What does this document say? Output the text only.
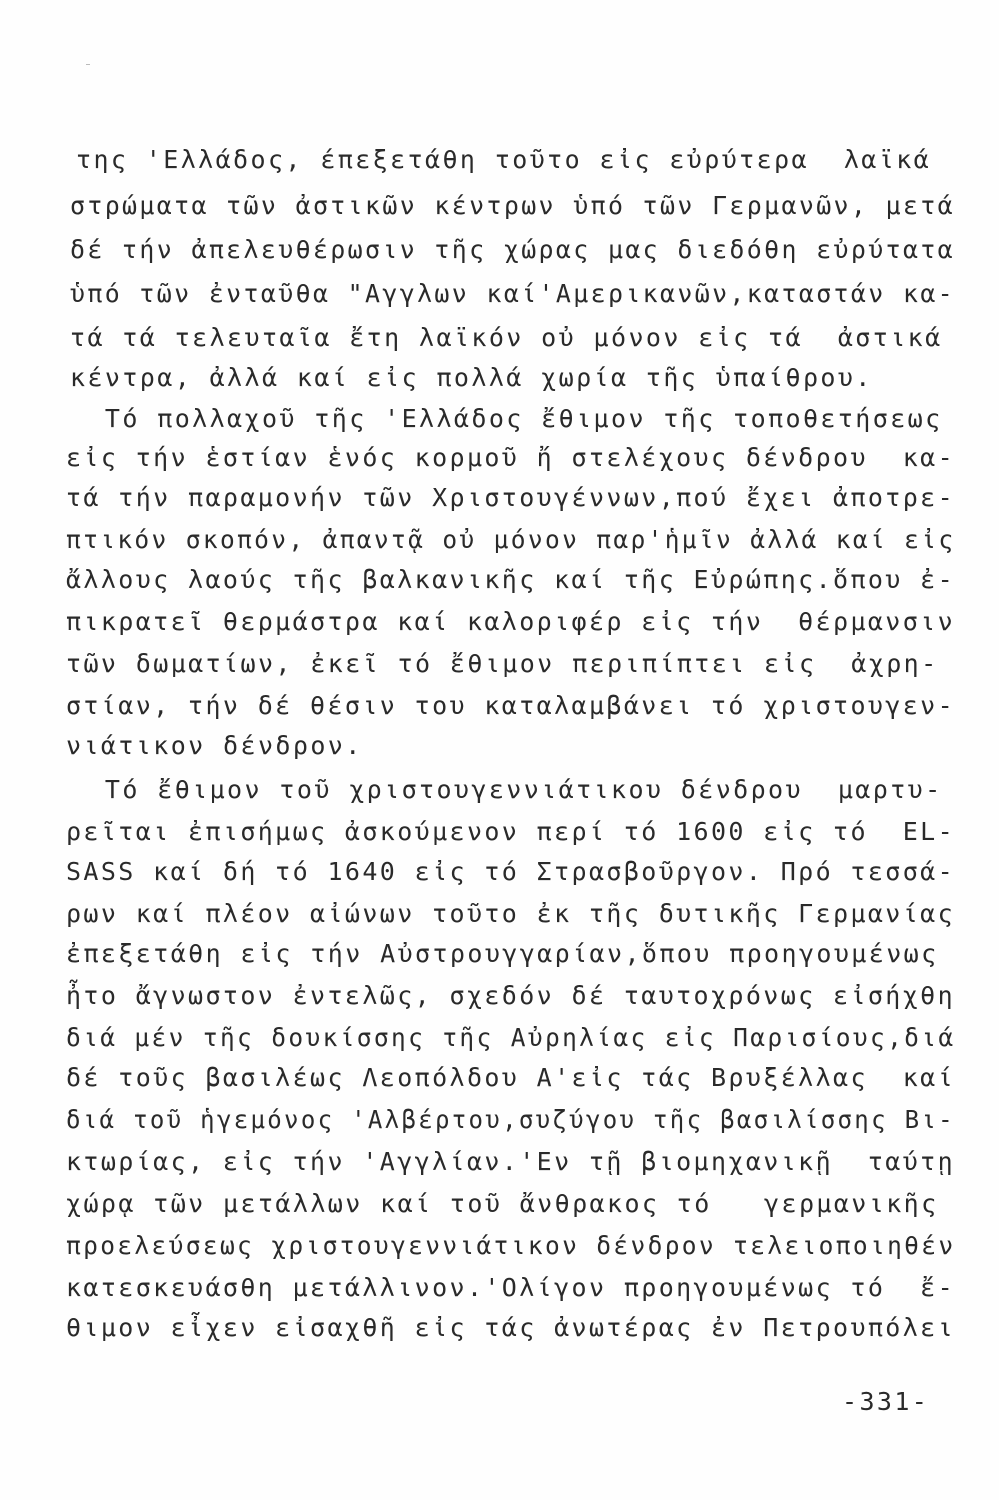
της 'Ελλάδος, έπεξετάθη τοῦτο εἰς εὐρύτερα  λαϊκά
στρώματα τῶν ἀστικῶν κέντρων ὑπό τῶν Γερμανῶν, μετά
δέ τήν ἀπελευθέρωσιν τῆς χώρας μας διεδόθη εὐρύτατα
ὑπό τῶν ἐνταῦθα "Αγγλων καί'Αμερικανῶν,καταστάν κα-
τά τά τελευταῖα ἔτη λαϊκόν οὐ μόνον εἰς τά  ἀστικά
κέντρα, ἀλλά καί εἰς πολλά χωρία τῆς ὑπαίθρου.
Τό πολλαχοῦ τῆς 'Ελλάδος ἔθιμον τῆς τοποθετήσεως
εἰς τήν ἑστίαν ἑνός κορμοῦ ἤ στελέχους δένδρου  κα-
τά τήν παραμονήν τῶν Χριστουγέννων,πού ἔχει ἀποτρε-
πτικόν σκοπόν, ἀπαντᾷ οὐ μόνον παρ'ἡμῖν ἀλλά καί εἰς
ἄλλους λαούς τῆς βαλκανικῆς καί τῆς Εὐρώπης.ὅπου ἐ-
πικρατεῖ θερμάστρα καί καλοριφέρ εἰς τήν  θέρμανσιν
τῶν δωματίων, ἐκεῖ τό ἔθιμον περιπίπτει εἰς  ἀχρη-
στίαν, τήν δέ θέσιν του καταλαμβάνει τό χριστουγεν-
νιάτικον δένδρον.
Τό ἔθιμον τοῦ χριστουγεννιάτικου δένδρου  μαρτυ-
ρεῖται ἐπισήμως ἀσκούμενον περί τό 1600 εἰς τό  EL-
SASS καί δή τό 1640 εἰς τό Στρασβοῦργον. Πρό τεσσά-
ρων καί πλέον αἰώνων τοῦτο ἐκ τῆς δυτικῆς Γερμανίας
ἐπεξετάθη εἰς τήν Αὐστρουγγαρίαν,ὅπου προηγουμένως
ἦτο ἄγνωστον ἐντελῶς, σχεδόν δέ ταυτοχρόνως εἰσήχθη
διά μέν τῆς δουκίσσης τῆς Αὐρηλίας εἰς Παρισίους,διά
δέ τοῦς βασιλέως Λεοπόλδου Α'εἰς τάς Βρυξέλλας  καί
διά τοῦ ἡγεμόνος 'Αλβέρτου,συζύγου τῆς βασιλίσσης Βι-
κτωρίας, εἰς τήν 'Αγγλίαν.'Εν τῇ βιομηχανικῇ  ταύτῃ
χώρᾳ τῶν μετάλλων καί τοῦ ἄνθρακος τό   γερμανικῆς
προελεύσεως χριστουγεννιάτικον δένδρον τελειοποιηθέν
κατεσκευάσθη μετάλλινον.'Ολίγον προηγουμένως τό  ἔ-
θιμον εἶχεν εἰσαχθῆ εἰς τάς ἀνωτέρας ἐν Πετρουπόλει
-331-
